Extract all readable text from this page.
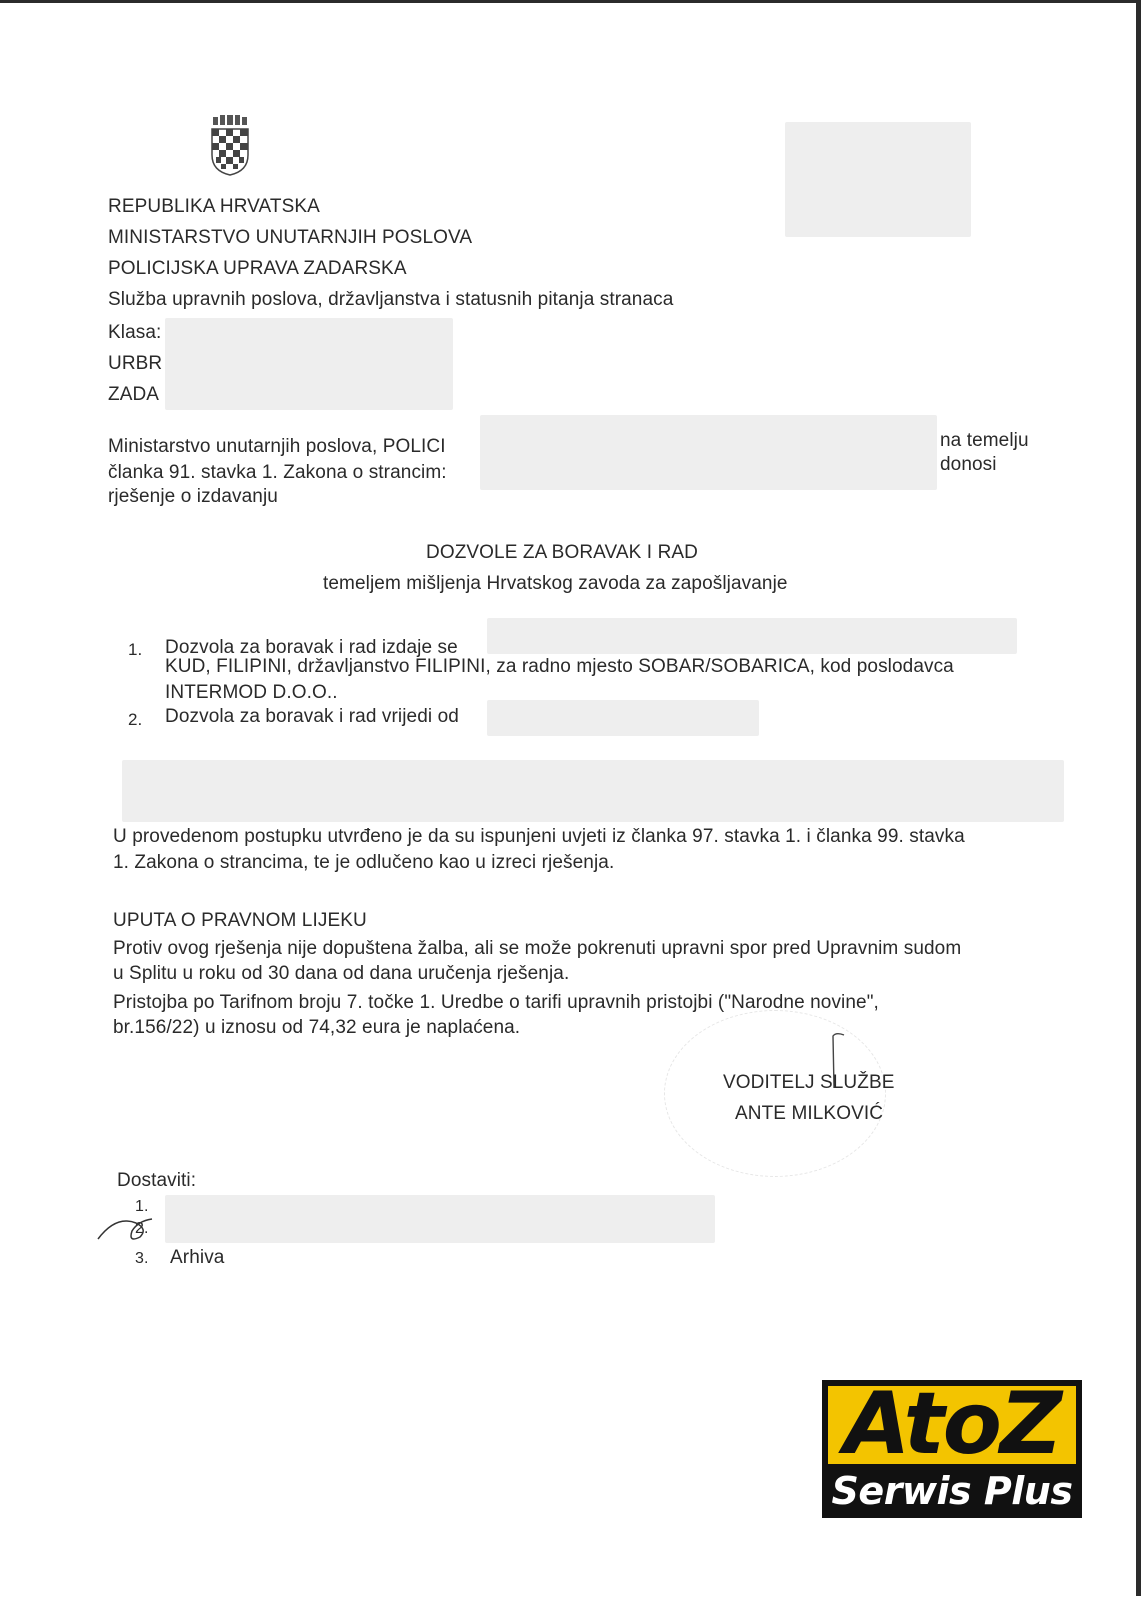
REPUBLIKA HRVATSKA
MINISTARSTVO UNUTARNJIH POSLOVA
POLICIJSKA UPRAVA ZADARSKA
Služba upravnih poslova, državljanstva i statusnih pitanja stranaca
Klasa:
URBR
ZADA
Ministarstvo unutarnjih poslova, POLICI	na temelju
članka 91. stavka 1. Zakona o strancim:	donosi
rješenje o izdavanju
DOZVOLE ZA BORAVAK I RAD
temeljem mišljenja Hrvatskog zavoda za zapošljavanje
1. Dozvola za boravak i rad izdaje se
KUD, FILIPINI, državljanstvo FILIPINI, za radno mjesto SOBAR/SOBARICA, kod poslodavca
INTERMOD D.O.O..
2. Dozvola za boravak i rad vrijedi od
U provedenom postupku utvrđeno je da su ispunjeni uvjeti iz članka 97. stavka 1. i članka 99. stavka
1. Zakona o strancima, te je odlučeno kao u izreci rješenja.
UPUTA O PRAVNOM LIJEKU
Protiv ovog rješenja nije dopuštena žalba, ali se može pokrenuti upravni spor pred Upravnim sudom
u Splitu u roku od 30 dana od dana uručenja rješenja.
Pristojba po Tarifnom broju 7. točke 1. Uredbe o tarifi upravnih pristojbi ("Narodne novine",
br.156/22) u iznosu od 74,32 eura je naplaćena.
VODITELJ SLUŽBE
ANTE MILKOVIĆ
Dostaviti:
1.
2.
3. Arhiva
AtoZ
Serwis Plus
